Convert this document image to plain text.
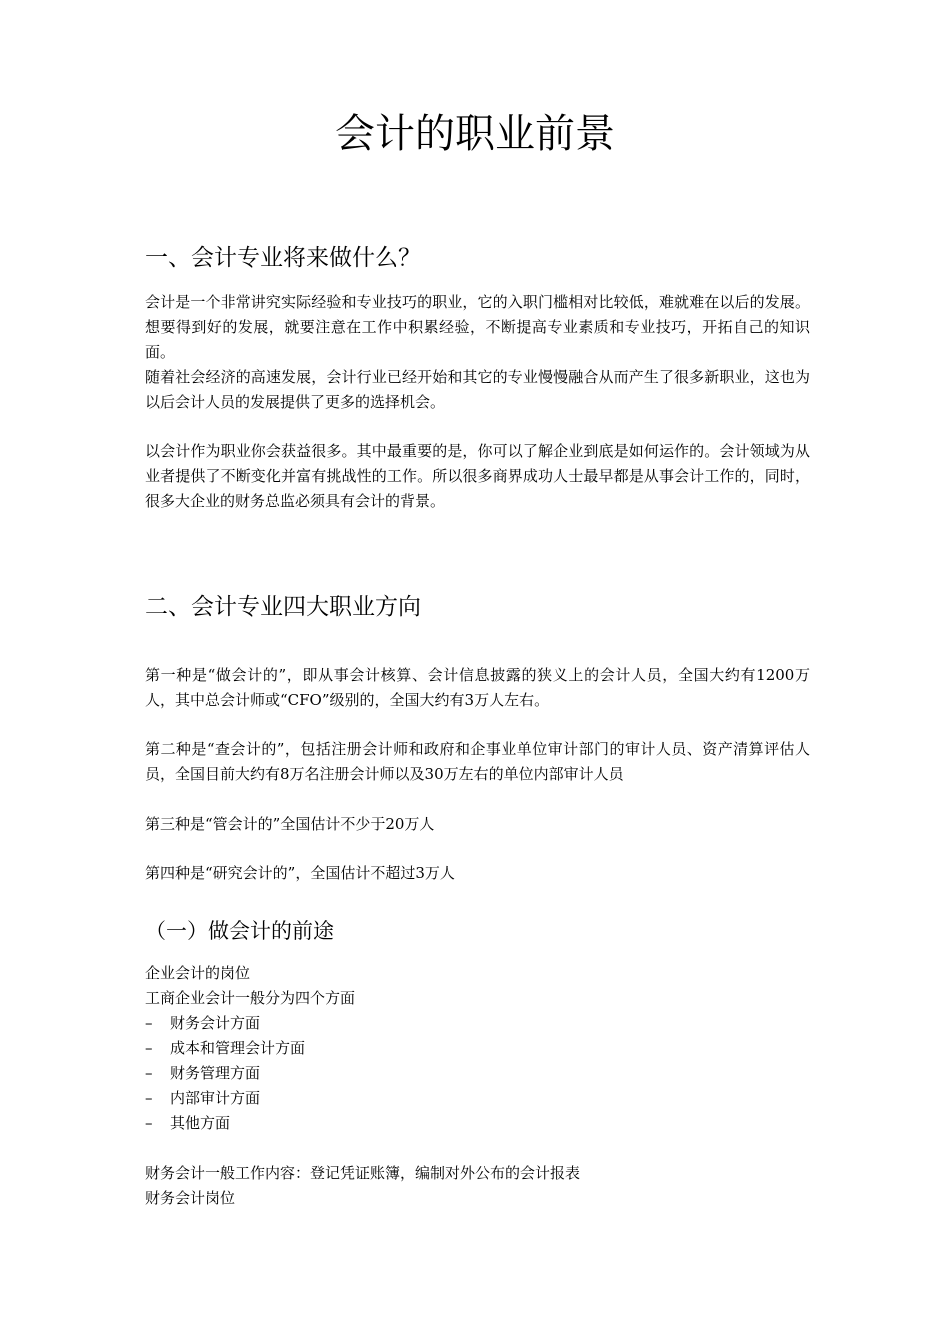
会计的职业前景
一、会计专业将来做什么？

会计是一个非常讲究实际经验和专业技巧的职业，它的入职门槛相对比较低，难就难在以后的发展。想要得到好的发展，就要注意在工作中积累经验，不断提高专业素质和专业技巧，开拓自己的知识面。

随着社会经济的高速发展，会计行业已经开始和其它的专业慢慢融合从而产生了很多新职业，这也为以后会计人员的发展提供了更多的选择机会。

以会计作为职业你会获益很多。其中最重要的是，你可以了解企业到底是如何运作的。会计领域为从业者提供了不断变化并富有挑战性的工作。所以很多商界成功人士最早都是从事会计工作的，同时，很多大企业的财务总监必须具有会计的背景。

二、会计专业四大职业方向

第一种是“做会计的”，即从事会计核算、会计信息披露的狭义上的会计人员，全国大约有1200万人，其中总会计师或“CFO”级别的，全国大约有3万人左右。

第二种是“查会计的”，包括注册会计师和政府和企事业单位审计部门的审计人员、资产清算评估人员，全国目前大约有8万名注册会计师以及30万左右的单位内部审计人员

第三种是“管会计的”全国估计不少于20万人

第四种是“研究会计的”，全国估计不超过3万人

（一）做会计的前途

企业会计的岗位

工商企业会计一般分为四个方面

– 财务会计方面

– 成本和管理会计方面

– 财务管理方面

– 内部审计方面

– 其他方面

财务会计一般工作内容：登记凭证账簿，编制对外公布的会计报表

财务会计岗位
